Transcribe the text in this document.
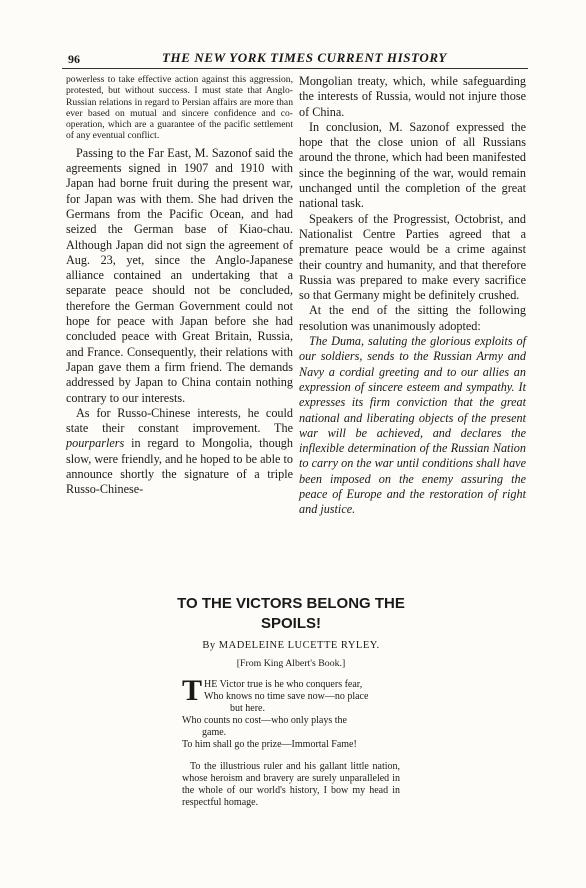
96	THE NEW YORK TIMES CURRENT HISTORY
powerless to take effective action against this aggression, protested, but without success. I must state that Anglo-Russian relations in regard to Persian affairs are more than ever based on mutual and sincere confidence and co-operation, which are a guarantee of the pacific settlement of any eventual conflict.

Passing to the Far East, M. Sazonof said the agreements signed in 1907 and 1910 with Japan had borne fruit during the present war, for Japan was with them. She had driven the Germans from the Pacific Ocean, and had seized the German base of Kiao-chau. Although Japan did not sign the agreement of Aug. 23, yet, since the Anglo-Japanese alliance contained an undertaking that a separate peace should not be concluded, therefore the German Government could not hope for peace with Japan before she had concluded peace with Great Britain, Russia, and France. Consequently, their relations with Japan gave them a firm friend. The demands addressed by Japan to China contain nothing contrary to our interests.

As for Russo-Chinese interests, he could state their constant improvement. The pourparlers in regard to Mongolia, though slow, were friendly, and he hoped to be able to announce shortly the signature of a triple Russo-Chinese-

Mongolian treaty, which, while safeguarding the interests of Russia, would not injure those of China.

In conclusion, M. Sazonof expressed the hope that the close union of all Russians around the throne, which had been manifested since the beginning of the war, would remain unchanged until the completion of the great national task.

Speakers of the Progressist, Octobrist, and Nationalist Centre Parties agreed that a premature peace would be a crime against their country and humanity, and that therefore Russia was prepared to make every sacrifice so that Germany might be definitely crushed.

At the end of the sitting the following resolution was unanimously adopted:

The Duma, saluting the glorious exploits of our soldiers, sends to the Russian Army and Navy a cordial greeting and to our allies an expression of sincere esteem and sympathy. It expresses its firm conviction that the great national and liberating objects of the present war will be achieved, and declares the inflexible determination of the Russian Nation to carry on the war until conditions shall have been imposed on the enemy assuring the peace of Europe and the restoration of right and justice.

TO THE VICTORS BELONG THE
SPOILS!

By MADELEINE LUCETTE RYLEY.

[From King Albert's Book.]

T HE Victor true is he who conquers fear,
Who knows no time save now—no place
but here.
Who counts no cost—who only plays the
game.
To him shall go the prize—Immortal Fame!

To the illustrious ruler and his gallant little nation, whose heroism and bravery are surely unparalleled in the whole of our world's history, I bow my head in respectful homage.
